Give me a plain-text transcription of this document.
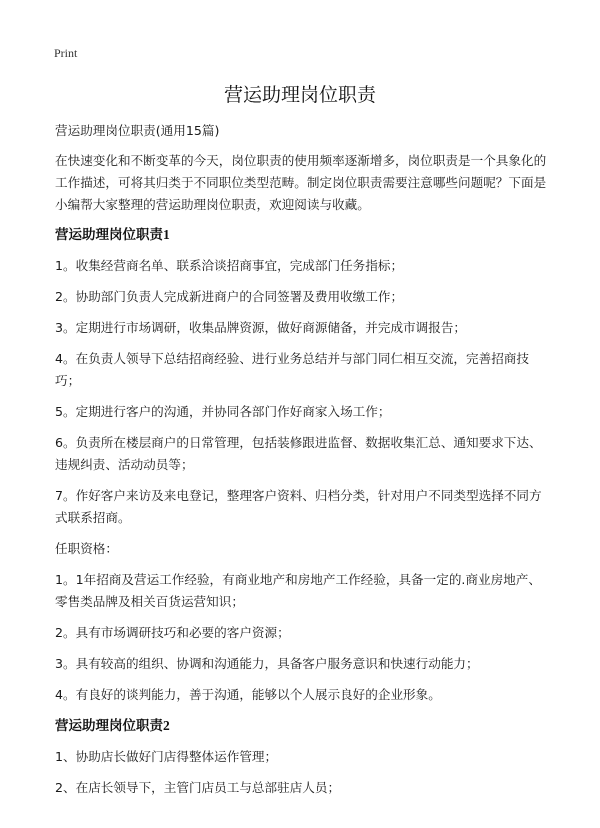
Print
营运助理岗位职责

营运助理岗位职责(通用15篇)

在快速变化和不断变革的今天，岗位职责的使用频率逐渐增多，岗位职责是一个具象化的工作描述，可将其归类于不同职位类型范畴。制定岗位职责需要注意哪些问题呢？下面是小编帮大家整理的营运助理岗位职责，欢迎阅读与收藏。

营运助理岗位职责1

1。收集经营商名单、联系洽谈招商事宜，完成部门任务指标；

2。协助部门负责人完成新进商户的合同签署及费用收缴工作；

3。定期进行市场调研，收集品牌资源，做好商源储备，并完成市调报告；

4。在负责人领导下总结招商经验、进行业务总结并与部门同仁相互交流，完善招商技巧；

5。定期进行客户的沟通，并协同各部门作好商家入场工作；

6。负责所在楼层商户的日常管理，包括装修跟进监督、数据收集汇总、通知要求下达、违规纠责、活动动员等；

7。作好客户来访及来电登记，整理客户资料、归档分类，针对用户不同类型选择不同方式联系招商。

任职资格：

1。1年招商及营运工作经验，有商业地产和房地产工作经验，具备一定的.商业房地产、零售类品牌及相关百货运营知识；

2。具有市场调研技巧和必要的客户资源；

3。具有较高的组织、协调和沟通能力，具备客户服务意识和快速行动能力；

4。有良好的谈判能力，善于沟通，能够以个人展示良好的企业形象。

营运助理岗位职责2

1、协助店长做好门店得整体运作管理；

2、在店长领导下，主管门店员工与总部驻店人员；
